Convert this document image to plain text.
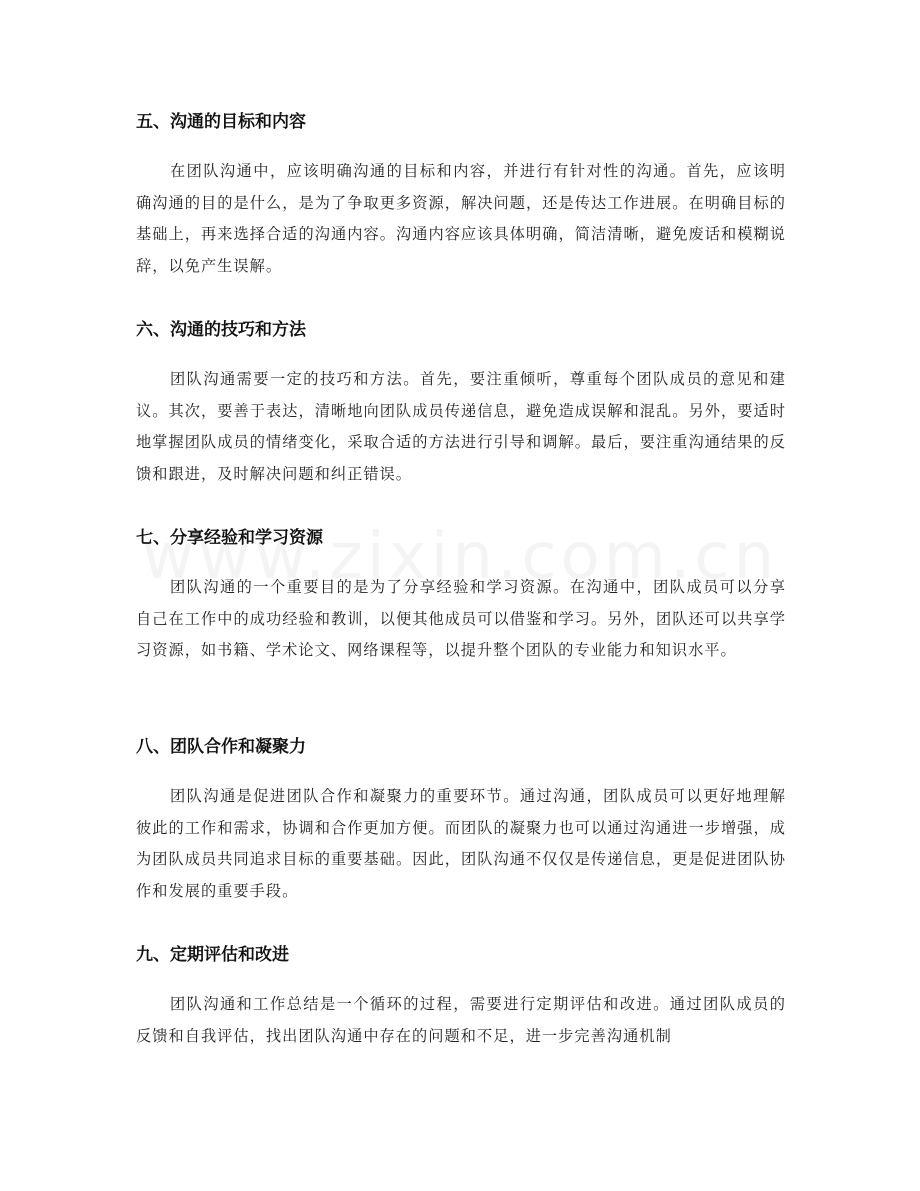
五、沟通的目标和内容

在团队沟通中，应该明确沟通的目标和内容，并进行有针对性的沟通。首先，应该明确沟通的目的是什么，是为了争取更多资源，解决问题，还是传达工作进展。在明确目标的基础上，再来选择合适的沟通内容。沟通内容应该具体明确，简洁清晰，避免废话和模糊说辞，以免产生误解。

六、沟通的技巧和方法

团队沟通需要一定的技巧和方法。首先，要注重倾听，尊重每个团队成员的意见和建议。其次，要善于表达，清晰地向团队成员传递信息，避免造成误解和混乱。另外，要适时地掌握团队成员的情绪变化，采取合适的方法进行引导和调解。最后，要注重沟通结果的反馈和跟进，及时解决问题和纠正错误。

七、分享经验和学习资源

团队沟通的一个重要目的是为了分享经验和学习资源。在沟通中，团队成员可以分享自己在工作中的成功经验和教训，以便其他成员可以借鉴和学习。另外，团队还可以共享学习资源，如书籍、学术论文、网络课程等，以提升整个团队的专业能力和知识水平。

八、团队合作和凝聚力

团队沟通是促进团队合作和凝聚力的重要环节。通过沟通，团队成员可以更好地理解彼此的工作和需求，协调和合作更加方便。而团队的凝聚力也可以通过沟通进一步增强，成为团队成员共同追求目标的重要基础。因此，团队沟通不仅仅是传递信息，更是促进团队协作和发展的重要手段。

九、定期评估和改进

团队沟通和工作总结是一个循环的过程，需要进行定期评估和改进。通过团队成员的反馈和自我评估，找出团队沟通中存在的问题和不足，进一步完善沟通机制
